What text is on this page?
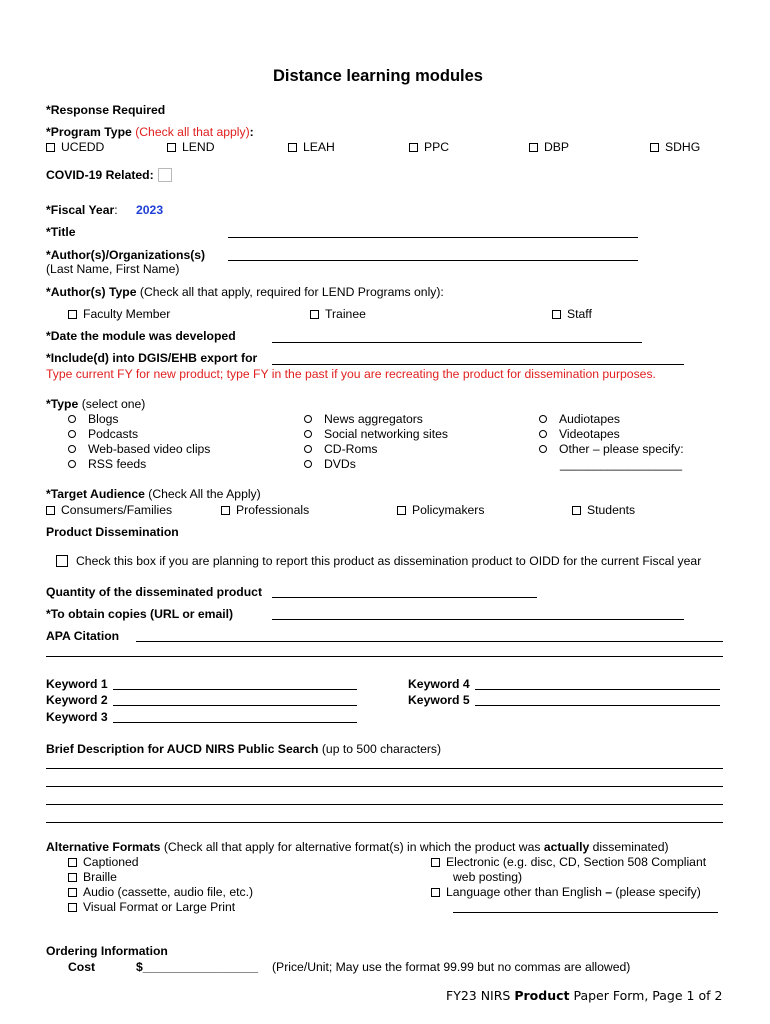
Distance learning modules
*Response Required
*Program Type (Check all that apply):
UCEDD	LEND	LEAH	PPC	DBP	SDHG
COVID-19 Related:
*Fiscal Year: 2023
*Title
*Author(s)/Organizations(s)
(Last Name, First Name)
*Author(s) Type (Check all that apply, required for LEND Programs only):
Faculty Member	Trainee	Staff
*Date the module was developed
*Include(d) into DGIS/EHB export for
Type current FY for new product; type FY in the past if you are recreating the product for dissemination purposes.
*Type (select one)
Blogs
Podcasts
Web-based video clips
RSS feeds
News aggregators
Social networking sites
CD-Roms
DVDs
Audiotapes
Videotapes
Other – please specify:
__________________
*Target Audience (Check All the Apply)
Consumers/Families	Professionals	Policymakers	Students
Product Dissemination
Check this box if you are planning to report this product as dissemination product to OIDD for the current Fiscal year
Quantity of the disseminated product
*To obtain copies (URL or email)
APA Citation
Keyword 1
Keyword 2
Keyword 3
Keyword 4
Keyword 5
Brief Description for AUCD NIRS Public Search (up to 500 characters)
Alternative Formats (Check all that apply for alternative format(s) in which the product was actually disseminated)
Captioned
Braille
Audio (cassette, audio file, etc.)
Visual Format or Large Print
Electronic (e.g. disc, CD, Section 508 Compliant
web posting)
Language other than English – (please specify)
Ordering Information
Cost	$_________________ (Price/Unit; May use the format 99.99 but no commas are allowed)
FY23 NIRS Product Paper Form, Page 1 of 2
